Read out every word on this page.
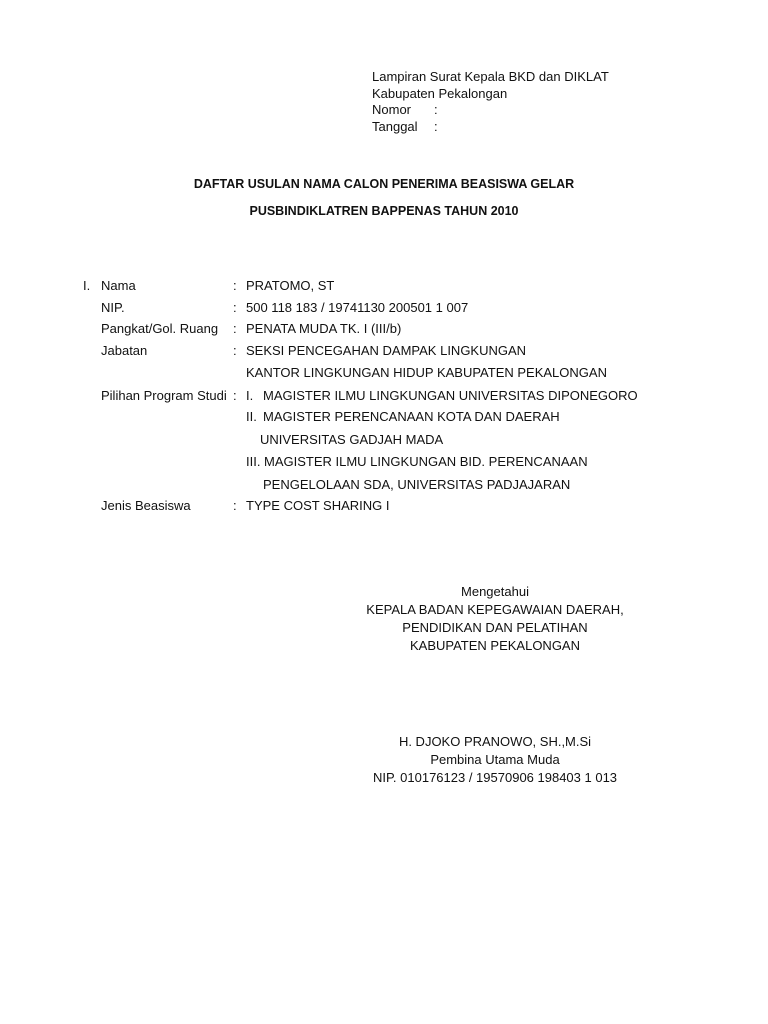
Lampiran Surat Kepala BKD dan DIKLAT
Kabupaten Pekalongan
Nomor :
Tanggal :
DAFTAR USULAN NAMA CALON PENERIMA BEASISWA GELAR
PUSBINDIKLATREN BAPPENAS TAHUN 2010
I. Nama	: PRATOMO, ST
NIP.	: 500 118 183 / 19741130 200501 1 007
Pangkat/Gol. Ruang : PENATA MUDA TK. I (III/b)
Jabatan	: SEKSI PENCEGAHAN DAMPAK LINGKUNGAN
KANTOR LINGKUNGAN HIDUP KABUPATEN PEKALONGAN
Pilihan Program Studi : I. MAGISTER ILMU LINGKUNGAN UNIVERSITAS DIPONEGORO
II. MAGISTER PERENCANAAN KOTA DAN DAERAH
UNIVERSITAS GADJAH MADA
III. MAGISTER ILMU LINGKUNGAN BID. PERENCANAAN
PENGELOLAAN SDA, UNIVERSITAS PADJAJARAN
Jenis Beasiswa	: TYPE COST SHARING I
Mengetahui
KEPALA BADAN KEPEGAWAIAN DAERAH,
PENDIDIKAN DAN PELATIHAN
KABUPATEN PEKALONGAN
H. DJOKO PRANOWO, SH.,M.Si
Pembina Utama Muda
NIP. 010176123 / 19570906 198403 1 013
